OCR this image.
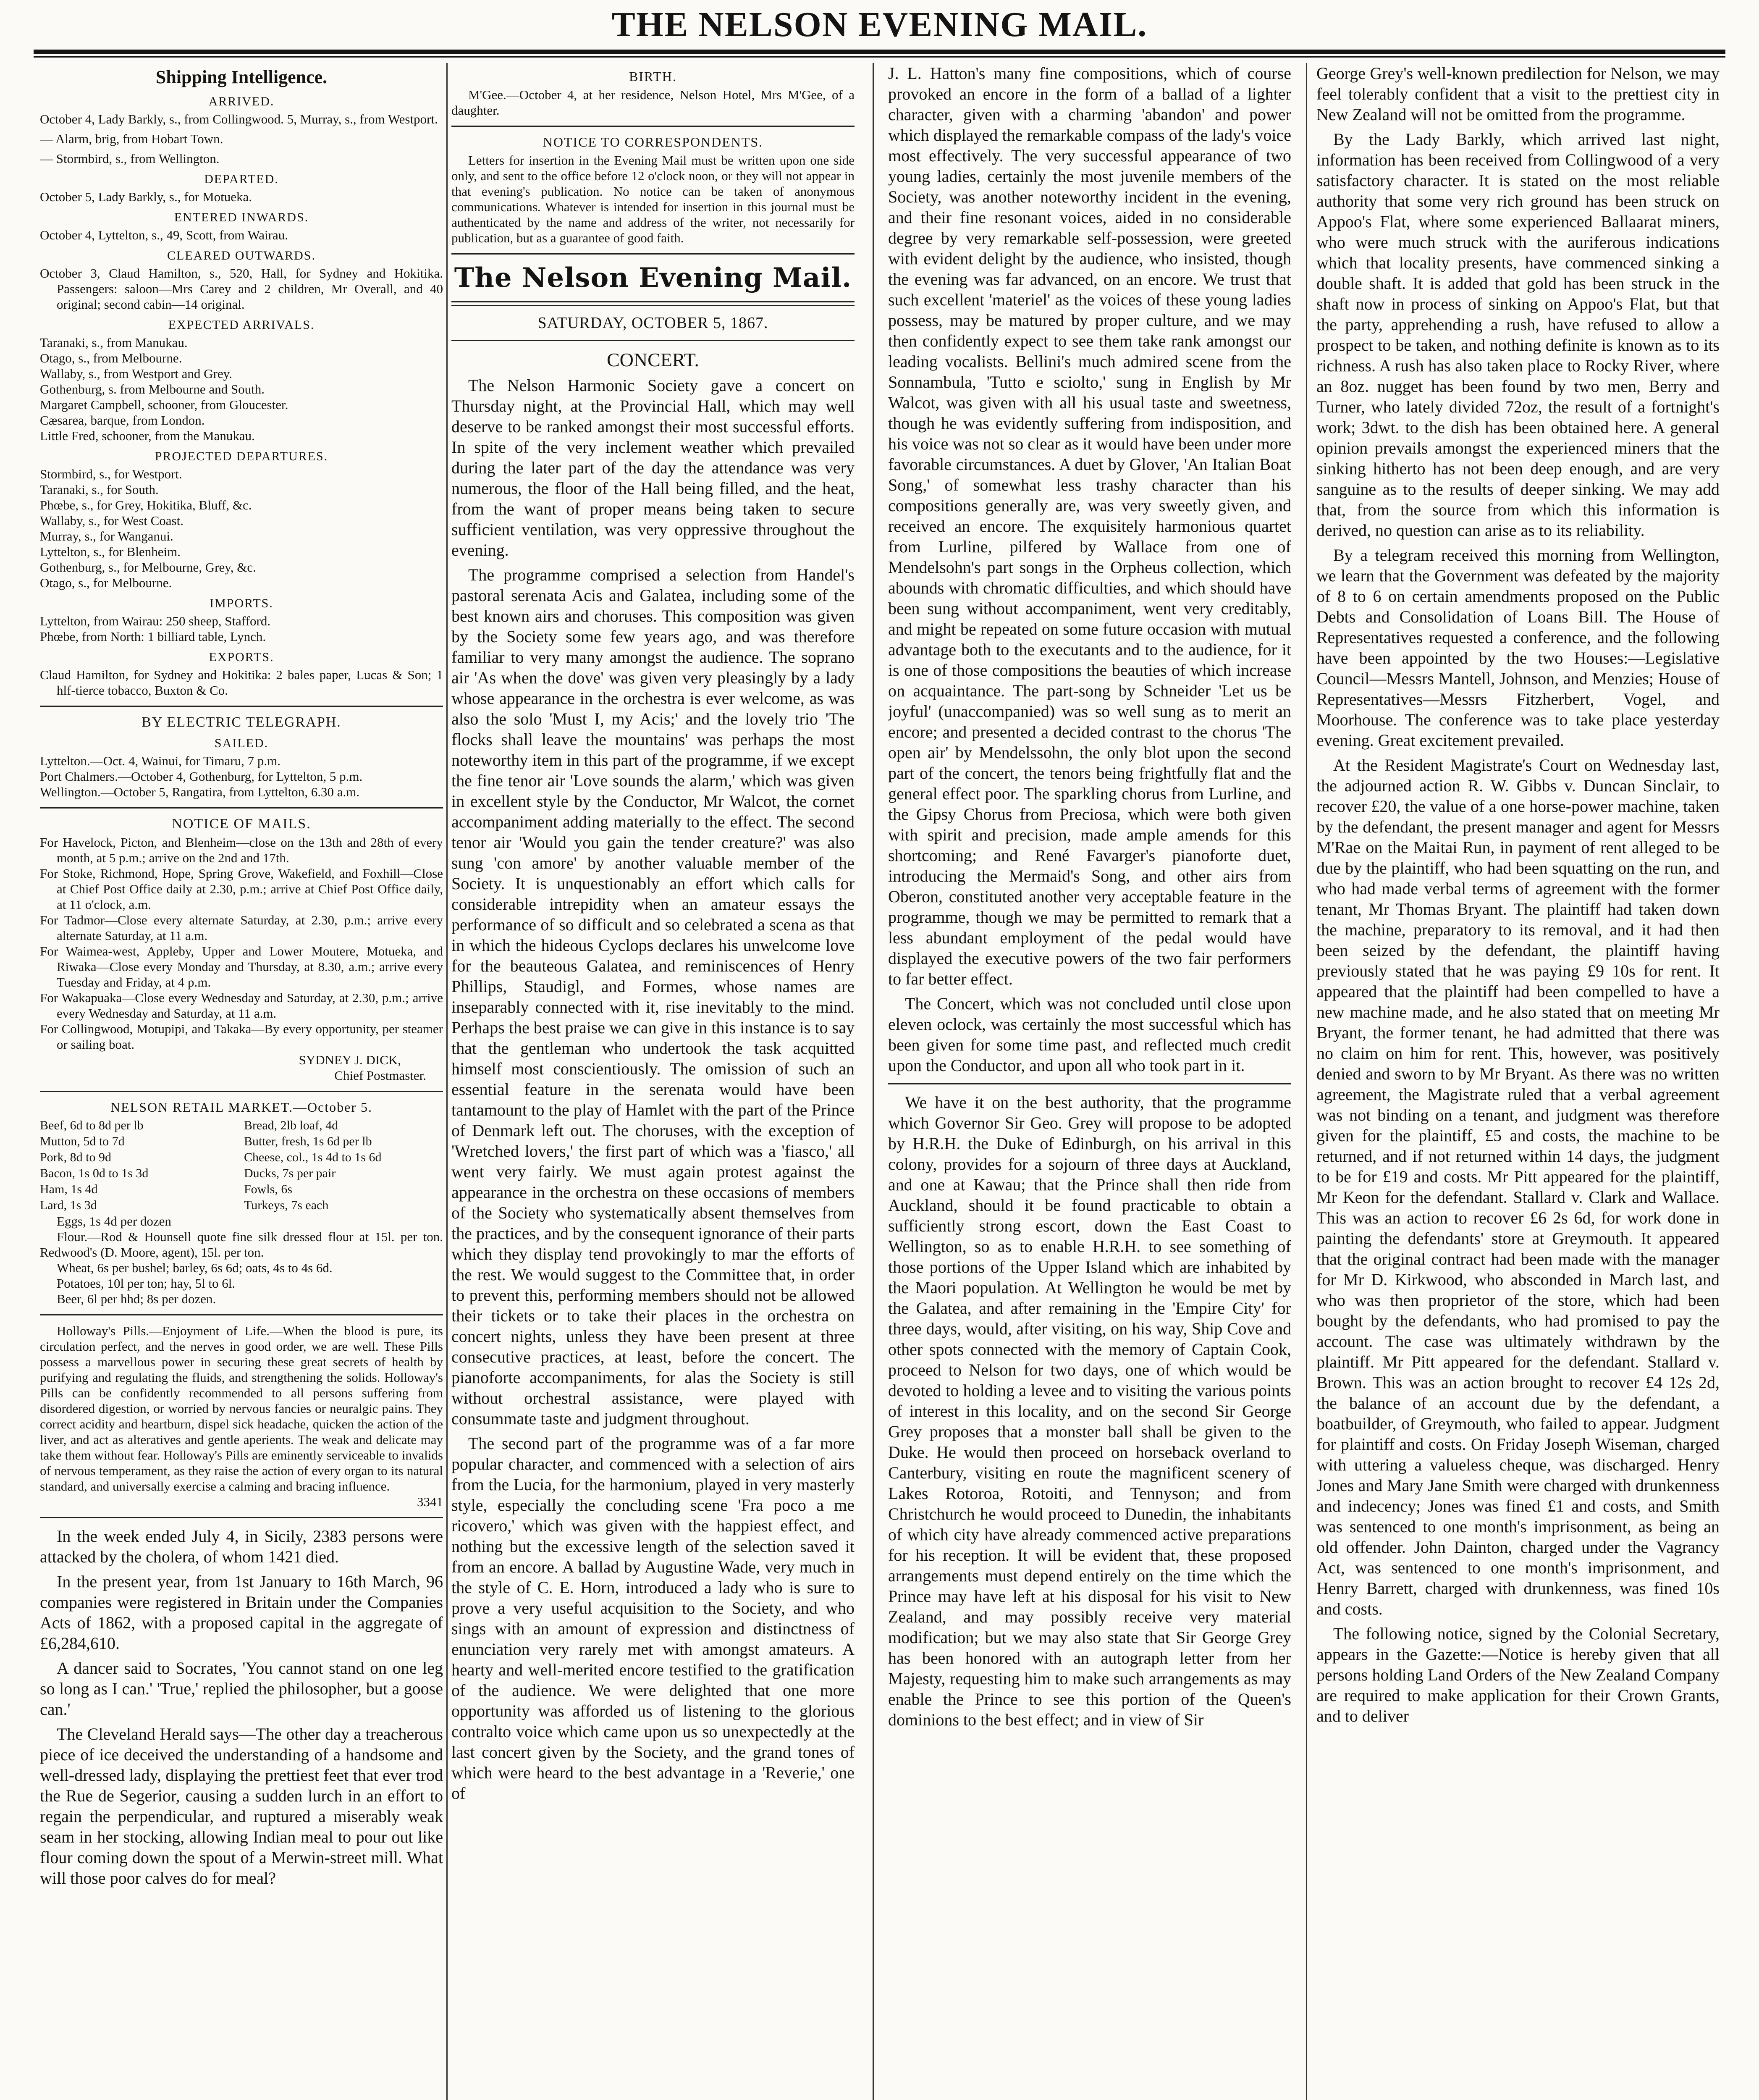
THE NELSON EVENING MAIL.
Shipping Intelligence.
ARRIVED.

October 4, Lady Barkly, s., from Collingwood. 5, Murray, s., from Westport.

— Alarm, brig, from Hobart Town.

— Stormbird, s., from Wellington.

DEPARTED.

October 5, Lady Barkly, s., for Motueka.

ENTERED INWARDS.

October 4, Lyttelton, s., 49, Scott, from Wairau.

CLEARED OUTWARDS.

October 3, Claud Hamilton, s., 520, Hall, for Sydney and Hokitika. Passengers: saloon—Mrs Carey and 2 children, Mr Overall, and 40 original; second cabin—14 original.

EXPECTED ARRIVALS.

Taranaki, s., from Manukau.

Otago, s., from Melbourne.

Wallaby, s., from Westport and Grey.

Gothenburg, s. from Melbourne and South.

Margaret Campbell, schooner, from Gloucester.

Cæsarea, barque, from London.

Little Fred, schooner, from the Manukau.

PROJECTED DEPARTURES.

Stormbird, s., for Westport.

Taranaki, s., for South.

Phœbe, s., for Grey, Hokitika, Bluff, &c.

Wallaby, s., for West Coast.

Murray, s., for Wanganui.

Lyttelton, s., for Blenheim.

Gothenburg, s., for Melbourne, Grey, &c.

Otago, s., for Melbourne.

IMPORTS.

Lyttelton, from Wairau: 250 sheep, Stafford.

Phœbe, from North: 1 billiard table, Lynch.

EXPORTS.

Claud Hamilton, for Sydney and Hokitika: 2 bales paper, Lucas & Son; 1 hlf-tierce tobacco, Buxton & Co.

BY ELECTRIC TELEGRAPH.
SAILED.

Lyttelton.—Oct. 4, Wainui, for Timaru, 7 p.m.

Port Chalmers.—October 4, Gothenburg, for Lyttelton, 5 p.m.

Wellington.—October 5, Rangatira, from Lyttelton, 6.30 a.m.

NOTICE OF MAILS.

For Havelock, Picton, and Blenheim—close on the 13th and 28th of every month, at 5 p.m.; arrive on the 2nd and 17th.

For Stoke, Richmond, Hope, Spring Grove, Wakefield, and Foxhill—Close at Chief Post Office daily at 2.30, p.m.; arrive at Chief Post Office daily, at 11 o'clock, a.m.

For Tadmor—Close every alternate Saturday, at 2.30, p.m.; arrive every alternate Saturday, at 11 a.m.

For Waimea-west, Appleby, Upper and Lower Moutere, Motueka, and Riwaka—Close every Monday and Thursday, at 8.30, a.m.; arrive every Tuesday and Friday, at 4 p.m.

For Wakapuaka—Close every Wednesday and Saturday, at 2.30, p.m.; arrive every Wednesday and Saturday, at 11 a.m.

For Collingwood, Motupipi, and Takaka—By every opportunity, per steamer or sailing boat.

SYDNEY J. DICK,

Chief Postmaster.

NELSON RETAIL MARKET.—October 5.
Beef, 6d to 8d per lb	Bread, 2lb loaf, 4d
Mutton, 5d to 7d	Butter, fresh, 1s 6d per lb
Pork, 8d to 9d	Cheese, col., 1s 4d to 1s 6d
Bacon, 1s 0d to 1s 3d	Ducks, 7s per pair
Ham, 1s 4d	Fowls, 6s
Lard, 1s 3d	Turkeys, 7s each

Eggs, 1s 4d per dozen

Flour.—Rod & Hounsell quote fine silk dressed flour at 15l. per ton. Redwood's (D. Moore, agent), 15l. per ton.

Wheat, 6s per bushel; barley, 6s 6d; oats, 4s to 4s 6d.

Potatoes, 10l per ton; hay, 5l to 6l.

Beer, 6l per hhd; 8s per dozen.

Holloway's Pills.—Enjoyment of Life.—When the blood is pure, its circulation perfect, and the nerves in good order, we are well. These Pills possess a marvellous power in securing these great secrets of health by purifying and regulating the fluids, and strengthening the solids. Holloway's Pills can be confidently recommended to all persons suffering from disordered digestion, or worried by nervous fancies or neuralgic pains. They correct acidity and heartburn, dispel sick headache, quicken the action of the liver, and act as alteratives and gentle aperients. The weak and delicate may take them without fear. Holloway's Pills are eminently serviceable to invalids of nervous temperament, as they raise the action of every organ to its natural standard, and universally exercise a calming and bracing influence.

3341

In the week ended July 4, in Sicily, 2383 persons were attacked by the cholera, of whom 1421 died.

In the present year, from 1st January to 16th March, 96 companies were registered in Britain under the Companies Acts of 1862, with a proposed capital in the aggregate of £6,284,610.

A dancer said to Socrates, 'You cannot stand on one leg so long as I can.' 'True,' replied the philosopher, but a goose can.'

The Cleveland Herald says—The other day a treacherous piece of ice deceived the understanding of a handsome and well-dressed lady, displaying the prettiest feet that ever trod the Rue de Segerior, causing a sudden lurch in an effort to regain the perpendicular, and ruptured a miserably weak seam in her stocking, allowing Indian meal to pour out like flour coming down the spout of a Merwin-street mill. What will those poor calves do for meal?

BIRTH.

M'Gee.—October 4, at her residence, Nelson Hotel, Mrs M'Gee, of a daughter.

NOTICE TO CORRESPONDENTS.

Letters for insertion in the Evening Mail must be written upon one side only, and sent to the office before 12 o'clock noon, or they will not appear in that evening's publication. No notice can be taken of anonymous communications. Whatever is intended for insertion in this journal must be authenticated by the name and address of the writer, not necessarily for publication, but as a guarantee of good faith.

The Nelson Evening Mail.
SATURDAY, OCTOBER 5, 1867.
CONCERT.

The Nelson Harmonic Society gave a concert on Thursday night, at the Provincial Hall, which may well deserve to be ranked amongst their most successful efforts. In spite of the very inclement weather which prevailed during the later part of the day the attendance was very numerous, the floor of the Hall being filled, and the heat, from the want of proper means being taken to secure sufficient ventilation, was very oppressive throughout the evening.

The programme comprised a selection from Handel's pastoral serenata Acis and Galatea, including some of the best known airs and choruses. This composition was given by the Society some few years ago, and was therefore familiar to very many amongst the audience. The soprano air 'As when the dove' was given very pleasingly by a lady whose appearance in the orchestra is ever welcome, as was also the solo 'Must I, my Acis;' and the lovely trio 'The flocks shall leave the mountains' was perhaps the most noteworthy item in this part of the programme, if we except the fine tenor air 'Love sounds the alarm,' which was given in excellent style by the Conductor, Mr Walcot, the cornet accompaniment adding materially to the effect. The second tenor air 'Would you gain the tender creature?' was also sung 'con amore' by another valuable member of the Society. It is unquestionably an effort which calls for considerable intrepidity when an amateur essays the performance of so difficult and so celebrated a scena as that in which the hideous Cyclops declares his unwelcome love for the beauteous Galatea, and reminiscences of Henry Phillips, Staudigl, and Formes, whose names are inseparably connected with it, rise inevitably to the mind. Perhaps the best praise we can give in this instance is to say that the gentleman who undertook the task acquitted himself most conscientiously. The omission of such an essential feature in the serenata would have been tantamount to the play of Hamlet with the part of the Prince of Denmark left out. The choruses, with the exception of 'Wretched lovers,' the first part of which was a 'fiasco,' all went very fairly. We must again protest against the appearance in the orchestra on these occasions of members of the Society who systematically absent themselves from the practices, and by the consequent ignorance of their parts which they display tend provokingly to mar the efforts of the rest. We would suggest to the Committee that, in order to prevent this, performing members should not be allowed their tickets or to take their places in the orchestra on concert nights, unless they have been present at three consecutive practices, at least, before the concert. The pianoforte accompaniments, for alas the Society is still without orchestral assistance, were played with consummate taste and judgment throughout.

The second part of the programme was of a far more popular character, and commenced with a selection of airs from the Lucia, for the harmonium, played in very masterly style, especially the concluding scene 'Fra poco a me ricovero,' which was given with the happiest effect, and nothing but the excessive length of the selection saved it from an encore. A ballad by Augustine Wade, very much in the style of C. E. Horn, introduced a lady who is sure to prove a very useful acquisition to the Society, and who sings with an amount of expression and distinctness of enunciation very rarely met with amongst amateurs. A hearty and well-merited encore testified to the gratification of the audience. We were delighted that one more opportunity was afforded us of listening to the glorious contralto voice which came upon us so unexpectedly at the last concert given by the Society, and the grand tones of which were heard to the best advantage in a 'Reverie,' one of

J. L. Hatton's many fine compositions, which of course provoked an encore in the form of a ballad of a lighter character, given with a charming 'abandon' and power which displayed the remarkable compass of the lady's voice most effectively. The very successful appearance of two young ladies, certainly the most juvenile members of the Society, was another noteworthy incident in the evening, and their fine resonant voices, aided in no considerable degree by very remarkable self-possession, were greeted with evident delight by the audience, who insisted, though the evening was far advanced, on an encore. We trust that such excellent 'materiel' as the voices of these young ladies possess, may be matured by proper culture, and we may then confidently expect to see them take rank amongst our leading vocalists. Bellini's much admired scene from the Sonnambula, 'Tutto e sciolto,' sung in English by Mr Walcot, was given with all his usual taste and sweetness, though he was evidently suffering from indisposition, and his voice was not so clear as it would have been under more favorable circumstances. A duet by Glover, 'An Italian Boat Song,' of somewhat less trashy character than his compositions generally are, was very sweetly given, and received an encore. The exquisitely harmonious quartet from Lurline, pilfered by Wallace from one of Mendelsohn's part songs in the Orpheus collection, which abounds with chromatic difficulties, and which should have been sung without accompaniment, went very creditably, and might be repeated on some future occasion with mutual advantage both to the executants and to the audience, for it is one of those compositions the beauties of which increase on acquaintance. The part-song by Schneider 'Let us be joyful' (unaccompanied) was so well sung as to merit an encore; and presented a decided contrast to the chorus 'The open air' by Mendelssohn, the only blot upon the second part of the concert, the tenors being frightfully flat and the general effect poor. The sparkling chorus from Lurline, and the Gipsy Chorus from Preciosa, which were both given with spirit and precision, made ample amends for this shortcoming; and René Favarger's pianoforte duet, introducing the Mermaid's Song, and other airs from Oberon, constituted another very acceptable feature in the programme, though we may be permitted to remark that a less abundant employment of the pedal would have displayed the executive powers of the two fair performers to far better effect.

The Concert, which was not concluded until close upon eleven oclock, was certainly the most successful which has been given for some time past, and reflected much credit upon the Conductor, and upon all who took part in it.

We have it on the best authority, that the programme which Governor Sir Geo. Grey will propose to be adopted by H.R.H. the Duke of Edinburgh, on his arrival in this colony, provides for a sojourn of three days at Auckland, and one at Kawau; that the Prince shall then ride from Auckland, should it be found practicable to obtain a sufficiently strong escort, down the East Coast to Wellington, so as to enable H.R.H. to see something of those portions of the Upper Island which are inhabited by the Maori population. At Wellington he would be met by the Galatea, and after remaining in the 'Empire City' for three days, would, after visiting, on his way, Ship Cove and other spots connected with the memory of Captain Cook, proceed to Nelson for two days, one of which would be devoted to holding a levee and to visiting the various points of interest in this locality, and on the second Sir George Grey proposes that a monster ball shall be given to the Duke. He would then proceed on horseback overland to Canterbury, visiting en route the magnificent scenery of Lakes Rotoroa, Rotoiti, and Tennyson; and from Christchurch he would proceed to Dunedin, the inhabitants of which city have already commenced active preparations for his reception. It will be evident that, these proposed arrangements must depend entirely on the time which the Prince may have left at his disposal for his visit to New Zealand, and may possibly receive very material modification; but we may also state that Sir George Grey has been honored with an autograph letter from her Majesty, requesting him to make such arrangements as may enable the Prince to see this portion of the Queen's dominions to the best effect; and in view of Sir

George Grey's well-known predilection for Nelson, we may feel tolerably confident that a visit to the prettiest city in New Zealand will not be omitted from the programme.

By the Lady Barkly, which arrived last night, information has been received from Collingwood of a very satisfactory character. It is stated on the most reliable authority that some very rich ground has been struck on Appoo's Flat, where some experienced Ballaarat miners, who were much struck with the auriferous indications which that locality presents, have commenced sinking a double shaft. It is added that gold has been struck in the shaft now in process of sinking on Appoo's Flat, but that the party, apprehending a rush, have refused to allow a prospect to be taken, and nothing definite is known as to its richness. A rush has also taken place to Rocky River, where an 8oz. nugget has been found by two men, Berry and Turner, who lately divided 72oz, the result of a fortnight's work; 3dwt. to the dish has been obtained here. A general opinion prevails amongst the experienced miners that the sinking hitherto has not been deep enough, and are very sanguine as to the results of deeper sinking. We may add that, from the source from which this information is derived, no question can arise as to its reliability.

By a telegram received this morning from Wellington, we learn that the Government was defeated by the majority of 8 to 6 on certain amendments proposed on the Public Debts and Consolidation of Loans Bill. The House of Representatives requested a conference, and the following have been appointed by the two Houses:—Legislative Council—Messrs Mantell, Johnson, and Menzies; House of Representatives—Messrs Fitzherbert, Vogel, and Moorhouse. The conference was to take place yesterday evening. Great excitement prevailed.

At the Resident Magistrate's Court on Wednesday last, the adjourned action R. W. Gibbs v. Duncan Sinclair, to recover £20, the value of a one horse-power machine, taken by the defendant, the present manager and agent for Messrs M'Rae on the Maitai Run, in payment of rent alleged to be due by the plaintiff, who had been squatting on the run, and who had made verbal terms of agreement with the former tenant, Mr Thomas Bryant. The plaintiff had taken down the machine, preparatory to its removal, and it had then been seized by the defendant, the plaintiff having previously stated that he was paying £9 10s for rent. It appeared that the plaintiff had been compelled to have a new machine made, and he also stated that on meeting Mr Bryant, the former tenant, he had admitted that there was no claim on him for rent. This, however, was positively denied and sworn to by Mr Bryant. As there was no written agreement, the Magistrate ruled that a verbal agreement was not binding on a tenant, and judgment was therefore given for the plaintiff, £5 and costs, the machine to be returned, and if not returned within 14 days, the judgment to be for £19 and costs. Mr Pitt appeared for the plaintiff, Mr Keon for the defendant. Stallard v. Clark and Wallace. This was an action to recover £6 2s 6d, for work done in painting the defendants' store at Greymouth. It appeared that the original contract had been made with the manager for Mr D. Kirkwood, who absconded in March last, and who was then proprietor of the store, which had been bought by the defendants, who had promised to pay the account. The case was ultimately withdrawn by the plaintiff. Mr Pitt appeared for the defendant. Stallard v. Brown. This was an action brought to recover £4 12s 2d, the balance of an account due by the defendant, a boatbuilder, of Greymouth, who failed to appear. Judgment for plaintiff and costs. On Friday Joseph Wiseman, charged with uttering a valueless cheque, was discharged. Henry Jones and Mary Jane Smith were charged with drunkenness and indecency; Jones was fined £1 and costs, and Smith was sentenced to one month's imprisonment, as being an old offender. John Dainton, charged under the Vagrancy Act, was sentenced to one month's imprisonment, and Henry Barrett, charged with drunkenness, was fined 10s and costs.

The following notice, signed by the Colonial Secretary, appears in the Gazette:—Notice is hereby given that all persons holding Land Orders of the New Zealand Company are required to make application for their Crown Grants, and to deliver
